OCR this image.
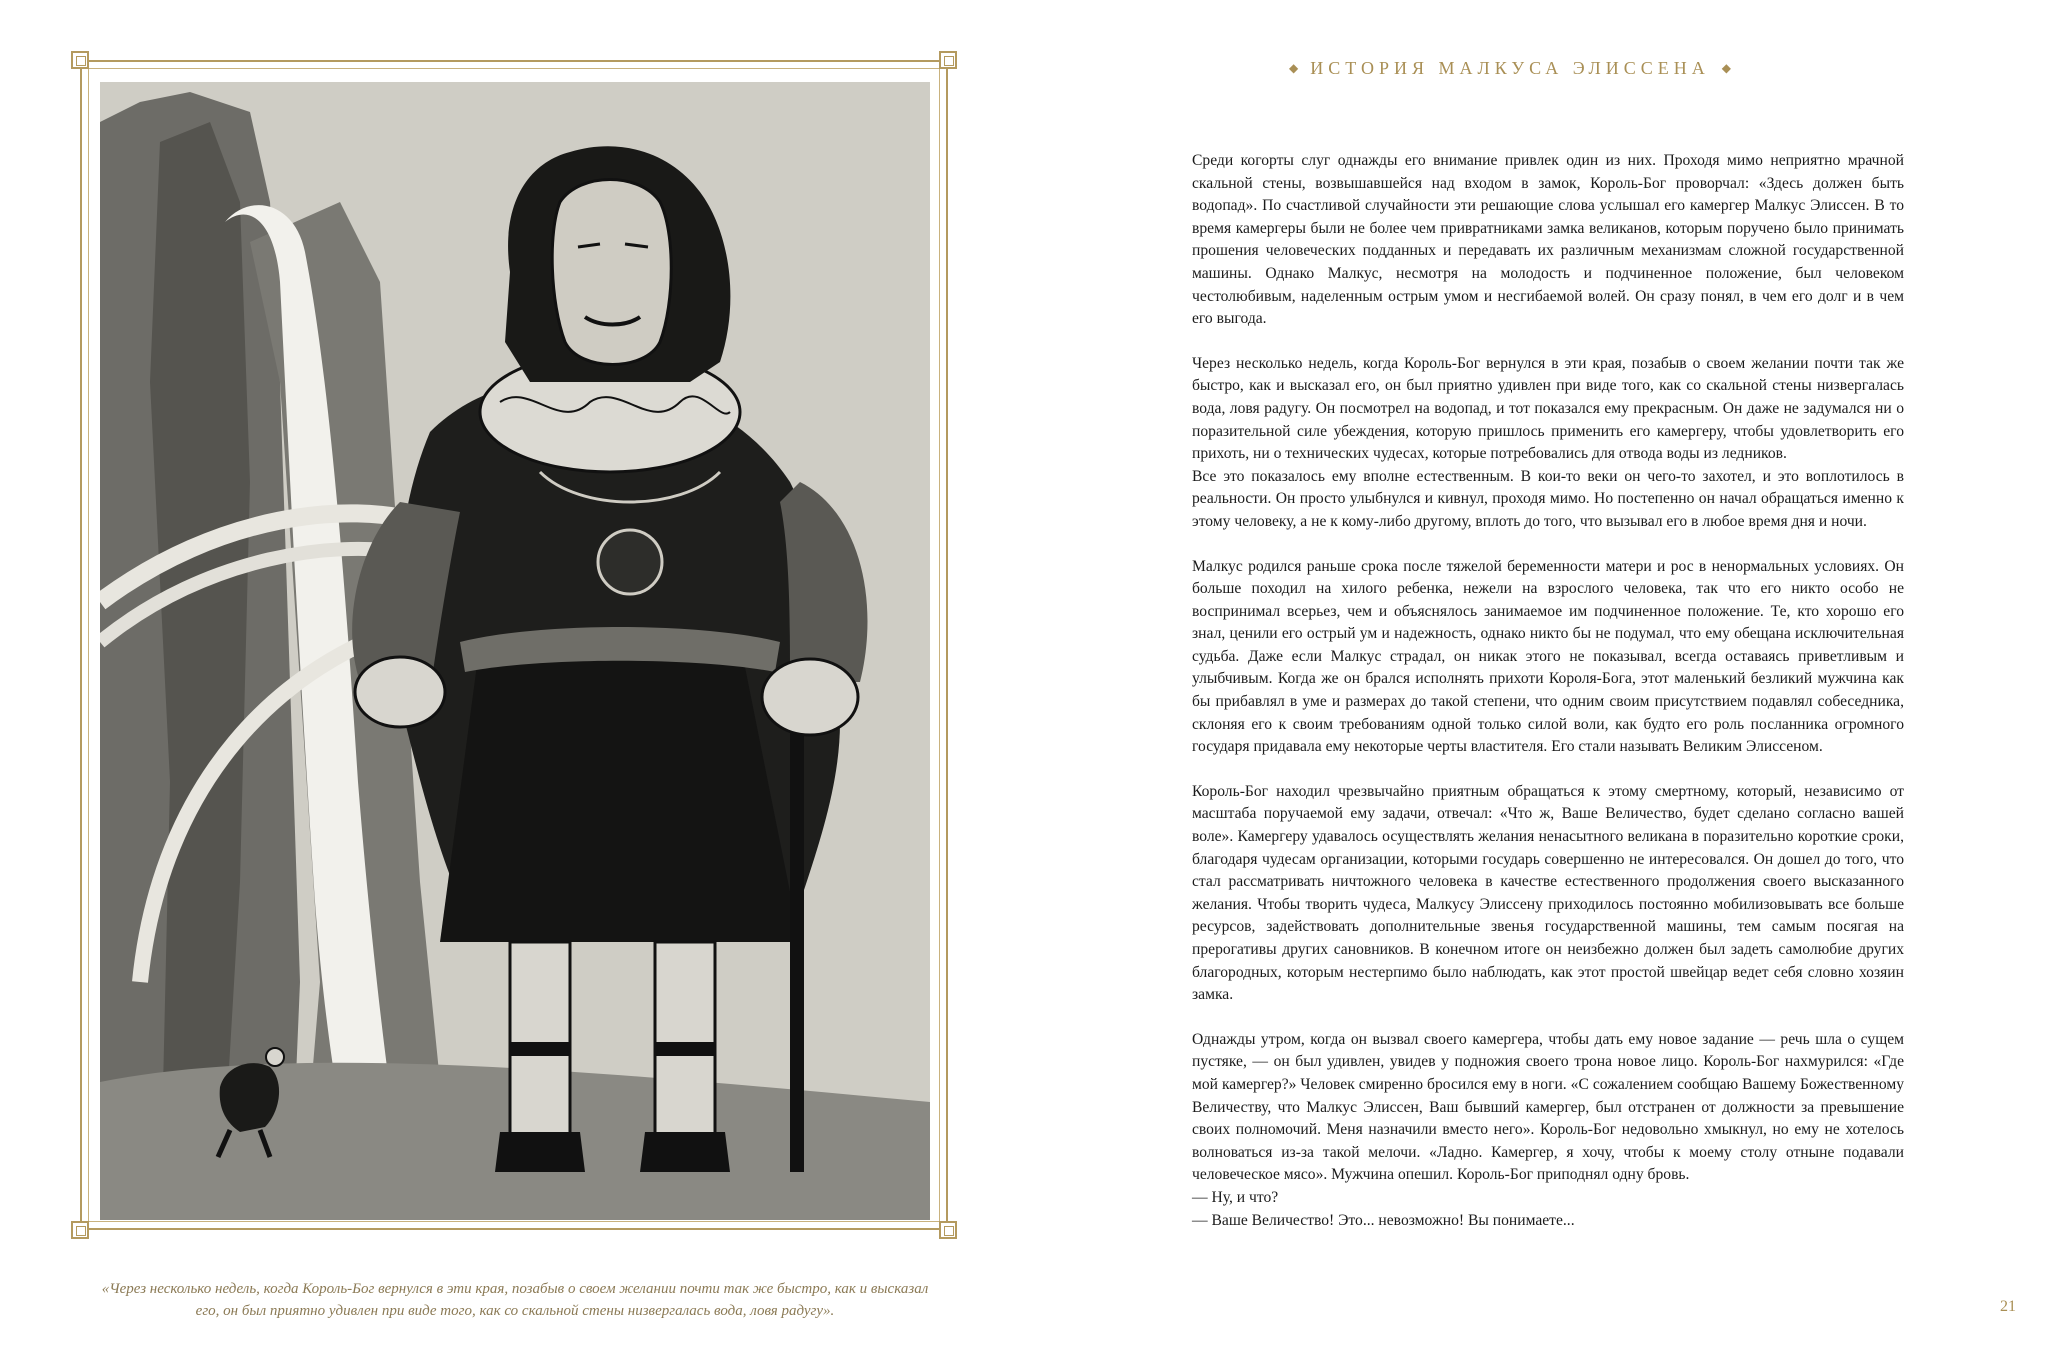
«Через несколько недель, когда Король-Бог вернулся в эти края, позабыв о своем желании почти так же быстро, как и высказал его, он был приятно удивлен при виде того, как со скальной стены низвергалась вода, ловя радугу».
◆ ИСТОРИЯ МАЛКУСА ЭЛИССЕНА ◆

Среди когорты слуг однажды его внимание привлек один из них. Проходя мимо неприятно мрачной скальной стены, возвышавшейся над входом в замок, Король-Бог проворчал: «Здесь должен быть водопад». По счастливой случайности эти решающие слова услышал его камергер Малкус Элиссен. В то время камергеры были не более чем привратниками замка великанов, которым поручено было принимать прошения человеческих подданных и передавать их различным механизмам сложной государственной машины. Однако Малкус, несмотря на молодость и подчиненное положение, был человеком честолюбивым, наделенным острым умом и несгибаемой волей. Он сразу понял, в чем его долг и в чем его выгода.

Через несколько недель, когда Король-Бог вернулся в эти края, позабыв о своем желании почти так же быстро, как и высказал его, он был приятно удивлен при виде того, как со скальной стены низвергалась вода, ловя радугу. Он посмотрел на водопад, и тот показался ему прекрасным. Он даже не задумался ни о поразительной силе убеждения, которую пришлось применить его камергеру, чтобы удовлетворить его прихоть, ни о технических чудесах, которые потребовались для отвода воды из ледников.

Все это показалось ему вполне естественным. В кои-то веки он чего-то захотел, и это воплотилось в реальности. Он просто улыбнулся и кивнул, проходя мимо. Но постепенно он начал обращаться именно к этому человеку, а не к кому-либо другому, вплоть до того, что вызывал его в любое время дня и ночи.

Малкус родился раньше срока после тяжелой беременности матери и рос в ненормальных условиях. Он больше походил на хилого ребенка, нежели на взрослого человека, так что его никто особо не воспринимал всерьез, чем и объяснялось занимаемое им подчиненное положение. Те, кто хорошо его знал, ценили его острый ум и надежность, однако никто бы не подумал, что ему обещана исключительная судьба. Даже если Малкус страдал, он никак этого не показывал, всегда оставаясь приветливым и улыбчивым. Когда же он брался исполнять прихоти Короля-Бога, этот маленький безликий мужчина как бы прибавлял в уме и размерах до такой степени, что одним своим присутствием подавлял собеседника, склоняя его к своим требованиям одной только силой воли, как будто его роль посланника огромного государя придавала ему некоторые черты властителя. Его стали называть Великим Элиссеном.

Король-Бог находил чрезвычайно приятным обращаться к этому смертному, который, независимо от масштаба поручаемой ему задачи, отвечал: «Что ж, Ваше Величество, будет сделано согласно вашей воле». Камергеру удавалось осуществлять желания ненасытного великана в поразительно короткие сроки, благодаря чудесам организации, которыми государь совершенно не интересовался. Он дошел до того, что стал рассматривать ничтожного человека в качестве естественного продолжения своего высказанного желания. Чтобы творить чудеса, Малкусу Элиссену приходилось постоянно мобилизовывать все больше ресурсов, задействовать дополнительные звенья государственной машины, тем самым посягая на прерогативы других сановников. В конечном итоге он неизбежно должен был задеть самолюбие других благородных, которым нестерпимо было наблюдать, как этот простой швейцар ведет себя словно хозяин замка.

Однажды утром, когда он вызвал своего камергера, чтобы дать ему новое задание — речь шла о сущем пустяке, — он был удивлен, увидев у подножия своего трона новое лицо. Король-Бог нахмурился: «Где мой камергер?» Человек смиренно бросился ему в ноги. «С сожалением сообщаю Вашему Божественному Величеству, что Малкус Элиссен, Ваш бывший камергер, был отстранен от должности за превышение своих полномочий. Меня назначили вместо него». Король-Бог недовольно хмыкнул, но ему не хотелось волноваться из-за такой мелочи. «Ладно. Камергер, я хочу, чтобы к моему столу отныне подавали человеческое мясо». Мужчина опешил. Король-Бог приподнял одну бровь.

— Ну, и что?

— Ваше Величество! Это... невозможно! Вы понимаете...

21
